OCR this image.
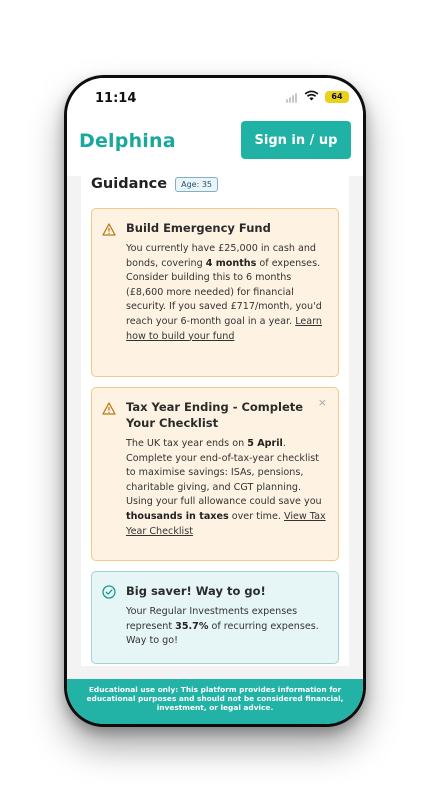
11:14	64
Delphina	Sign in / up
Guidance	Age: 35
Build Emergency Fund

You currently have £25,000 in cash and bonds, covering 4 months of expenses. Consider building this to 6 months (£8,600 more needed) for financial security. If you saved £717/month, you'd reach your 6-month goal in a year. Learn how to build your fund

×
Tax Year Ending - Complete Your Checklist

The UK tax year ends on 5 April. Complete your end-of-tax-year checklist to maximise savings: ISAs, pensions, charitable giving, and CGT planning. Using your full allowance could save you thousands in taxes over time. View Tax Year Checklist

Big saver! Way to go!

Your Regular Investments expenses represent 35.7% of recurring expenses. Way to go!

Educational use only: This platform provides information for educational purposes and should not be considered financial, investment, or legal advice.
